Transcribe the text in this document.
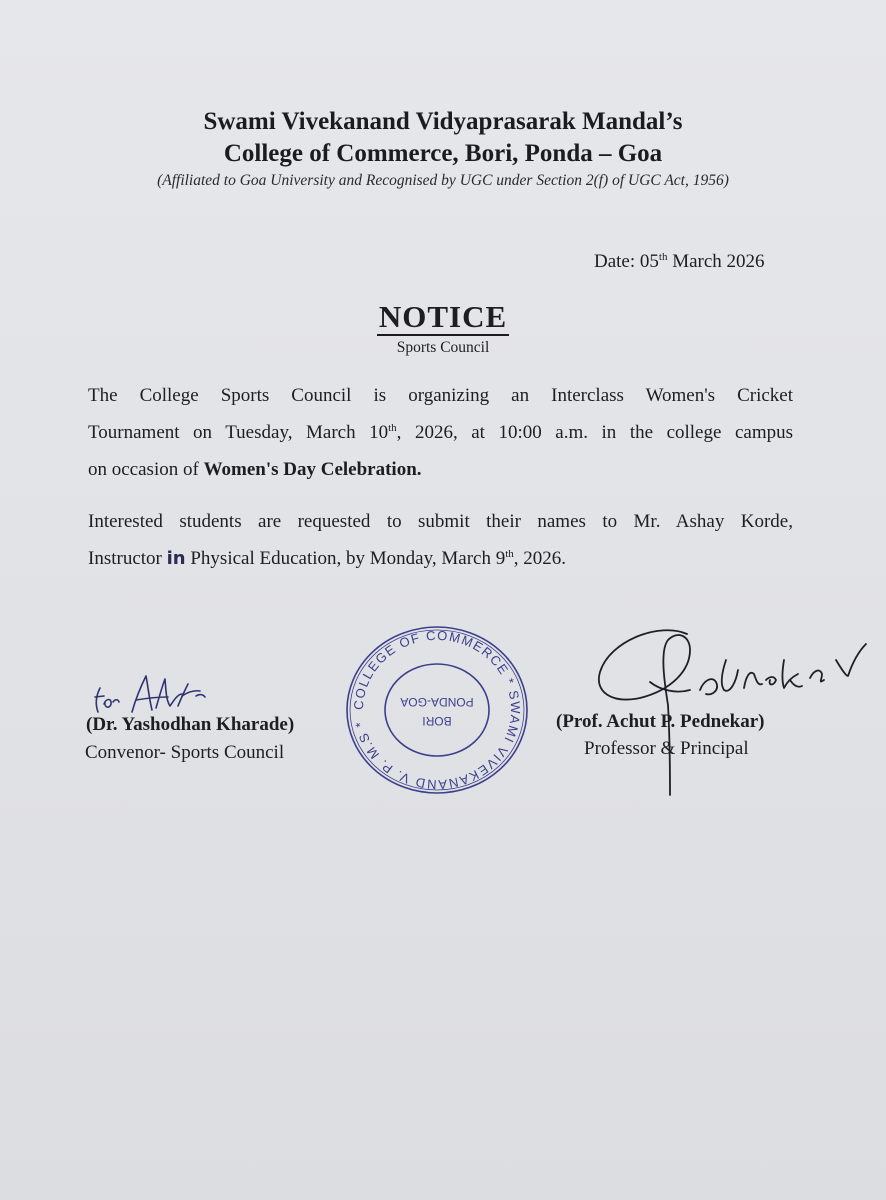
Swami Vivekanand Vidyaprasarak Mandal’s
College of Commerce, Bori, Ponda – Goa
(Affiliated to Goa University and Recognised by UGC under Section 2(f) of UGC Act, 1956)
Date: 05th March 2026
NOTICE
Sports Council
The College Sports Council is organizing an Interclass Women's Cricket
Tournament on Tuesday, March 10th, 2026, at 10:00 a.m. in the college campus
on occasion of Women's Day Celebration.
Interested students are requested to submit their names to Mr. Ashay Korde,
Instructor in Physical Education, by Monday, March 9th, 2026.
COLLEGE OF COMMERCE * SWAMI VIVEKANAND V. P. M.S *
PONDA-GOA
BORI
(Dr. Yashodhan Kharade)
Convenor- Sports Council
(Prof. Achut P. Pednekar)
Professor & Principal
